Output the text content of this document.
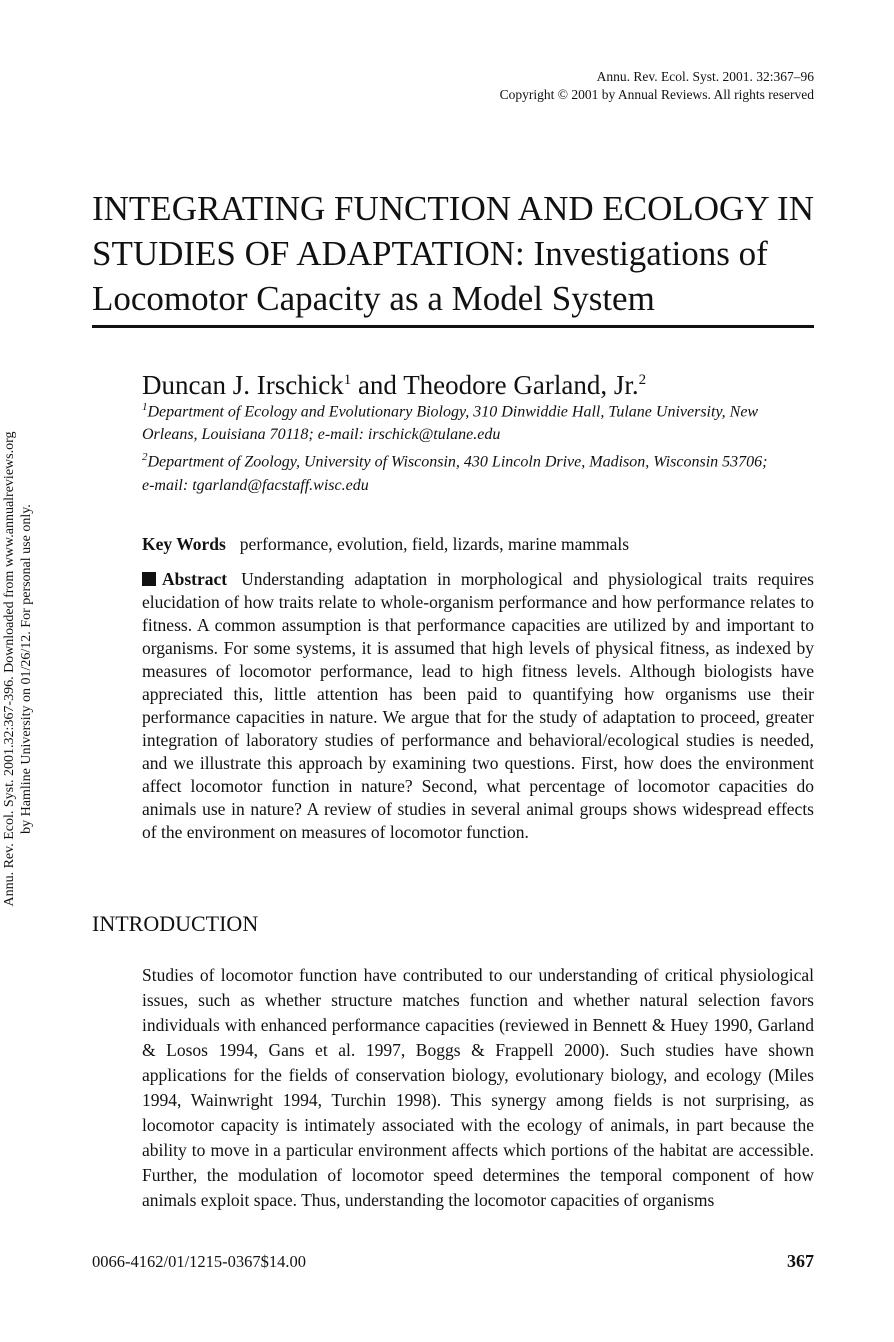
Annu. Rev. Ecol. Syst. 2001. 32:367–96
Copyright © 2001 by Annual Reviews. All rights reserved
Annu. Rev. Ecol. Syst. 2001.32:367-396. Downloaded from www.annualreviews.org by Hamline University on 01/26/12. For personal use only.
INTEGRATING FUNCTION AND ECOLOGY IN STUDIES OF ADAPTATION: Investigations of Locomotor Capacity as a Model System
Duncan J. Irschick$^1$ and Theodore Garland, Jr.$^2$
$^1$Department of Ecology and Evolutionary Biology, 310 Dinwiddie Hall, Tulane University, New Orleans, Louisiana 70118; e-mail: irschick@tulane.edu
$^2$Department of Zoology, University of Wisconsin, 430 Lincoln Drive, Madison, Wisconsin 53706; e-mail: tgarland@facstaff.wisc.edu
Key Words performance, evolution, field, lizards, marine mammals
Abstract Understanding adaptation in morphological and physiological traits requires elucidation of how traits relate to whole-organism performance and how performance relates to fitness. A common assumption is that performance capacities are utilized by and important to organisms. For some systems, it is assumed that high levels of physical fitness, as indexed by measures of locomotor performance, lead to high fitness levels. Although biologists have appreciated this, little attention has been paid to quantifying how organisms use their performance capacities in nature. We argue that for the study of adaptation to proceed, greater integration of laboratory studies of performance and behavioral/ecological studies is needed, and we illustrate this approach by examining two questions. First, how does the environment affect locomotor function in nature? Second, what percentage of locomotor capacities do animals use in nature? A review of studies in several animal groups shows widespread effects of the environment on measures of locomotor function.
INTRODUCTION

Studies of locomotor function have contributed to our understanding of critical physiological issues, such as whether structure matches function and whether natural selection favors individuals with enhanced performance capacities (reviewed in Bennett & Huey 1990, Garland & Losos 1994, Gans et al. 1997, Boggs & Frappell 2000). Such studies have shown applications for the fields of conservation biology, evolutionary biology, and ecology (Miles 1994, Wainwright 1994, Turchin 1998). This synergy among fields is not surprising, as locomotor capacity is intimately associated with the ecology of animals, in part because the ability to move in a particular environment affects which portions of the habitat are accessible. Further, the modulation of locomotor speed determines the temporal component of how animals exploit space. Thus, understanding the locomotor capacities of organisms

0066-4162/01/1215-0367$14.00	367
